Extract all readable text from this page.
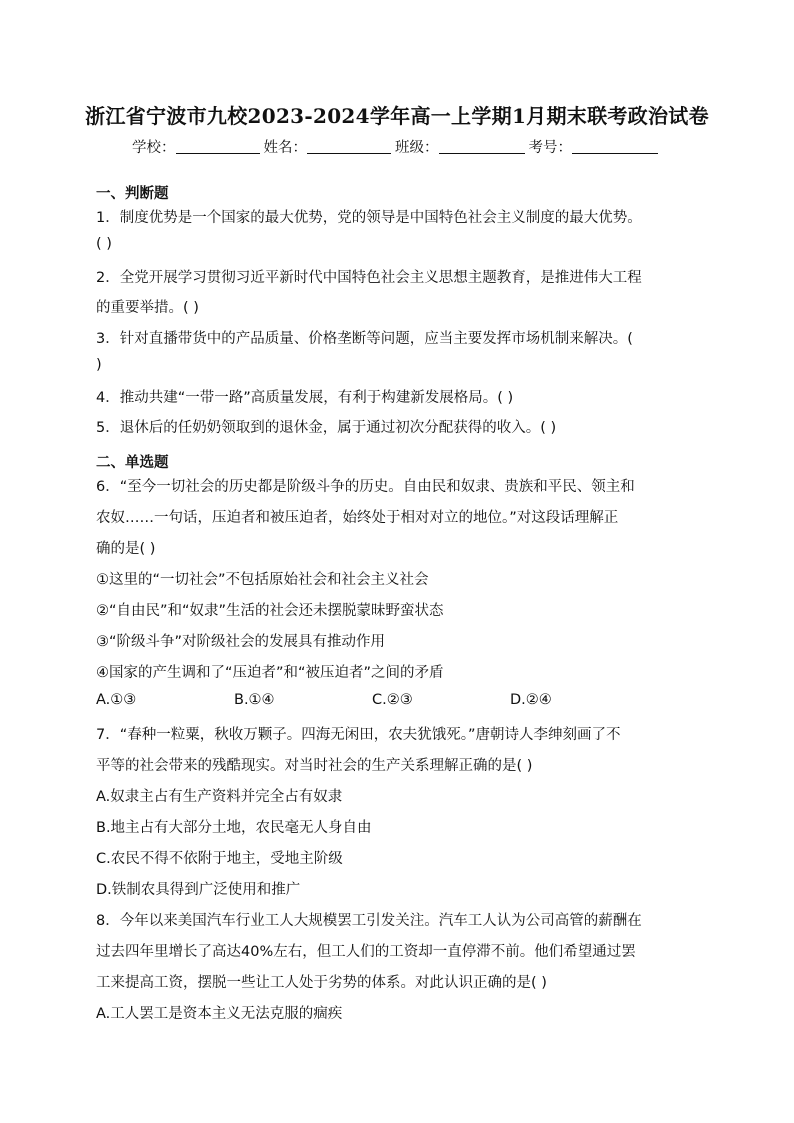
浙江省宁波市九校2023-2024学年高一上学期1月期末联考政治试卷
学校：	姓名：	班级：	考号：
一、判断题
1．制度优势是一个国家的最大优势，党的领导是中国特色社会主义制度的最大优势。
( )
2．全党开展学习贯彻习近平新时代中国特色社会主义思想主题教育，是推进伟大工程
的重要举措。( )
3．针对直播带货中的产品质量、价格垄断等问题，应当主要发挥市场机制来解决。(
)
4．推动共建“一带一路”高质量发展，有利于构建新发展格局。( )
5．退休后的任奶奶领取到的退休金，属于通过初次分配获得的收入。( )
二、单选题
6．“至今一切社会的历史都是阶级斗争的历史。自由民和奴隶、贵族和平民、领主和
农奴……一句话，压迫者和被压迫者，始终处于相对对立的地位。”对这段话理解正
确的是( )
①这里的“一切社会”不包括原始社会和社会主义社会
②“自由民”和“奴隶”生活的社会还未摆脱蒙昧野蛮状态
③“阶级斗争”对阶级社会的发展具有推动作用
④国家的产生调和了“压迫者”和“被压迫者”之间的矛盾
A.①③	B.①④	C.②③	D.②④
7．“春种一粒粟，秋收万颗子。四海无闲田，农夫犹饿死。”唐朝诗人李绅刻画了不
平等的社会带来的残酷现实。对当时社会的生产关系理解正确的是( )
A.奴隶主占有生产资料并完全占有奴隶
B.地主占有大部分土地，农民毫无人身自由
C.农民不得不依附于地主，受地主阶级
D.铁制农具得到广泛使用和推广
8．今年以来美国汽车行业工人大规模罢工引发关注。汽车工人认为公司高管的薪酬在
过去四年里增长了高达40%左右，但工人们的工资却一直停滞不前。他们希望通过罢
工来提高工资，摆脱一些让工人处于劣势的体系。对此认识正确的是( )
A.工人罢工是资本主义无法克服的痼疾
